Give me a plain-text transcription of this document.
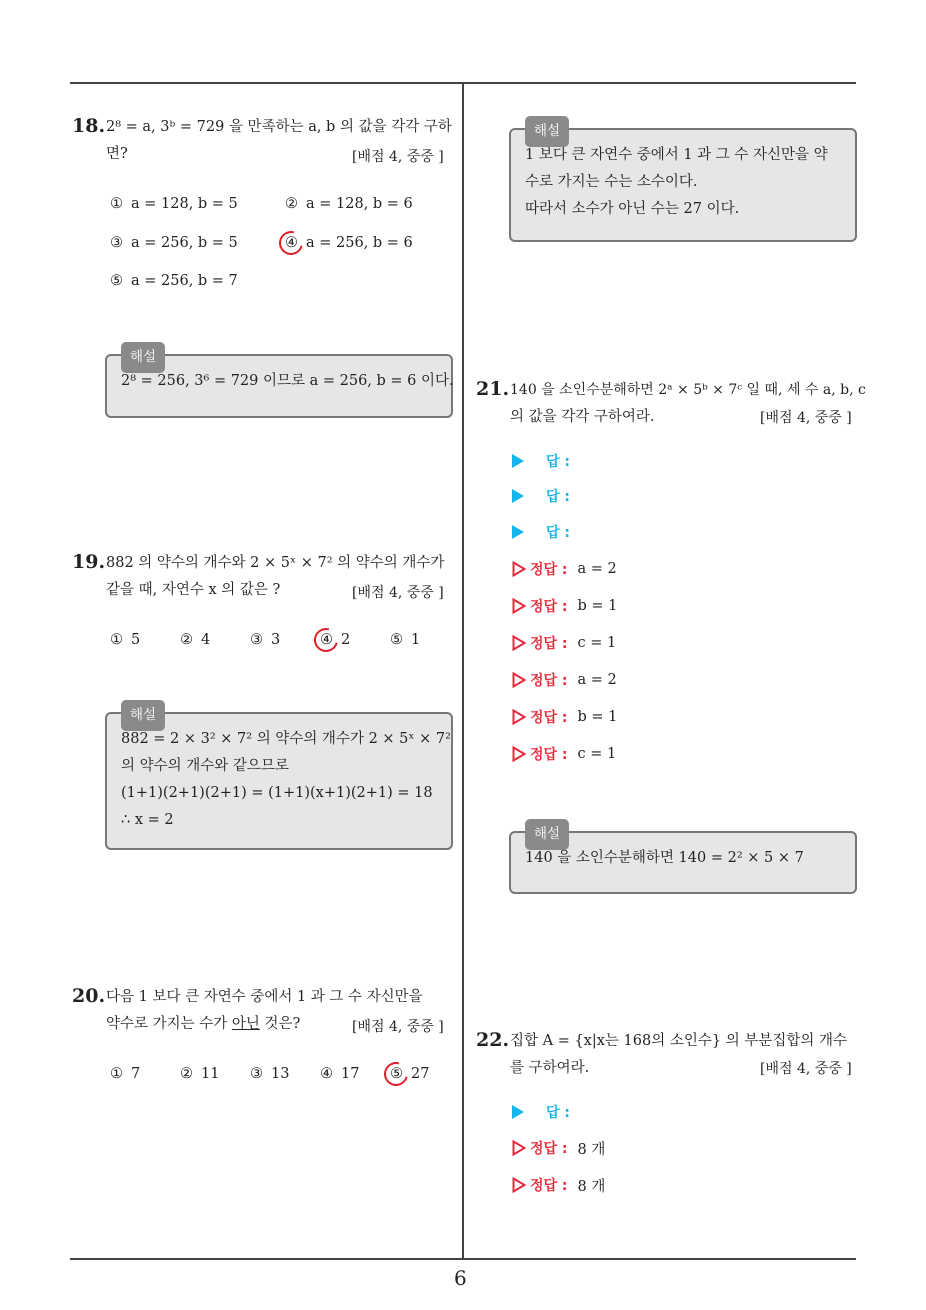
6
18. 2⁸ = a, 3ᵇ = 729 을 만족하는 a, b 의 값을 각각 구하
면?	[배점 4, 중중 ]
① a = 128, b = 5	② a = 128, b = 6
③ a = 256, b = 5	④ a = 256, b = 6
⑤ a = 256, b = 7
해설
2⁸ = 256, 3⁶ = 729 이므로 a = 256, b = 6 이다.
19. 882 의 약수의 개수와 2 × 5ˣ × 7² 의 약수의 개수가
같을 때, 자연수 x 의 값은 ?	[배점 4, 중중 ]
① 5	② 4	③ 3	④ 2	⑤ 1
해설
882 = 2 × 3² × 7² 의 약수의 개수가 2 × 5ˣ × 7²
의 약수의 개수와 같으므로
(1+1)(2+1)(2+1) = (1+1)(x+1)(2+1) = 18
∴ x = 2
20. 다음 1 보다 큰 자연수 중에서 1 과 그 수 자신만을
약수로 가지는 수가 아닌 것은?	[배점 4, 중중 ]
① 7	② 11 ③ 13 ④ 17 ⑤ 27
해설
1 보다 큰 자연수 중에서 1 과 그 수 자신만을 약
수로 가지는 수는 소수이다.
따라서 소수가 아닌 수는 27 이다.
21. 140 을 소인수분해하면 2ᵃ × 5ᵇ × 7ᶜ 일 때, 세 수 a, b, c
의 값을 각각 구하여라.	[배점 4, 중중 ]
답 :
답 :
답 :
정답 : a = 2
정답 : b = 1
정답 : c = 1
정답 : a = 2
정답 : b = 1
정답 : c = 1
해설
140 을 소인수분해하면 140 = 2² × 5 × 7
22. 집합 A = {x|x는 168의 소인수} 의 부분집합의 개수
를 구하여라.	[배점 4, 중중 ]
답 :
정답 : 8 개
정답 : 8 개
